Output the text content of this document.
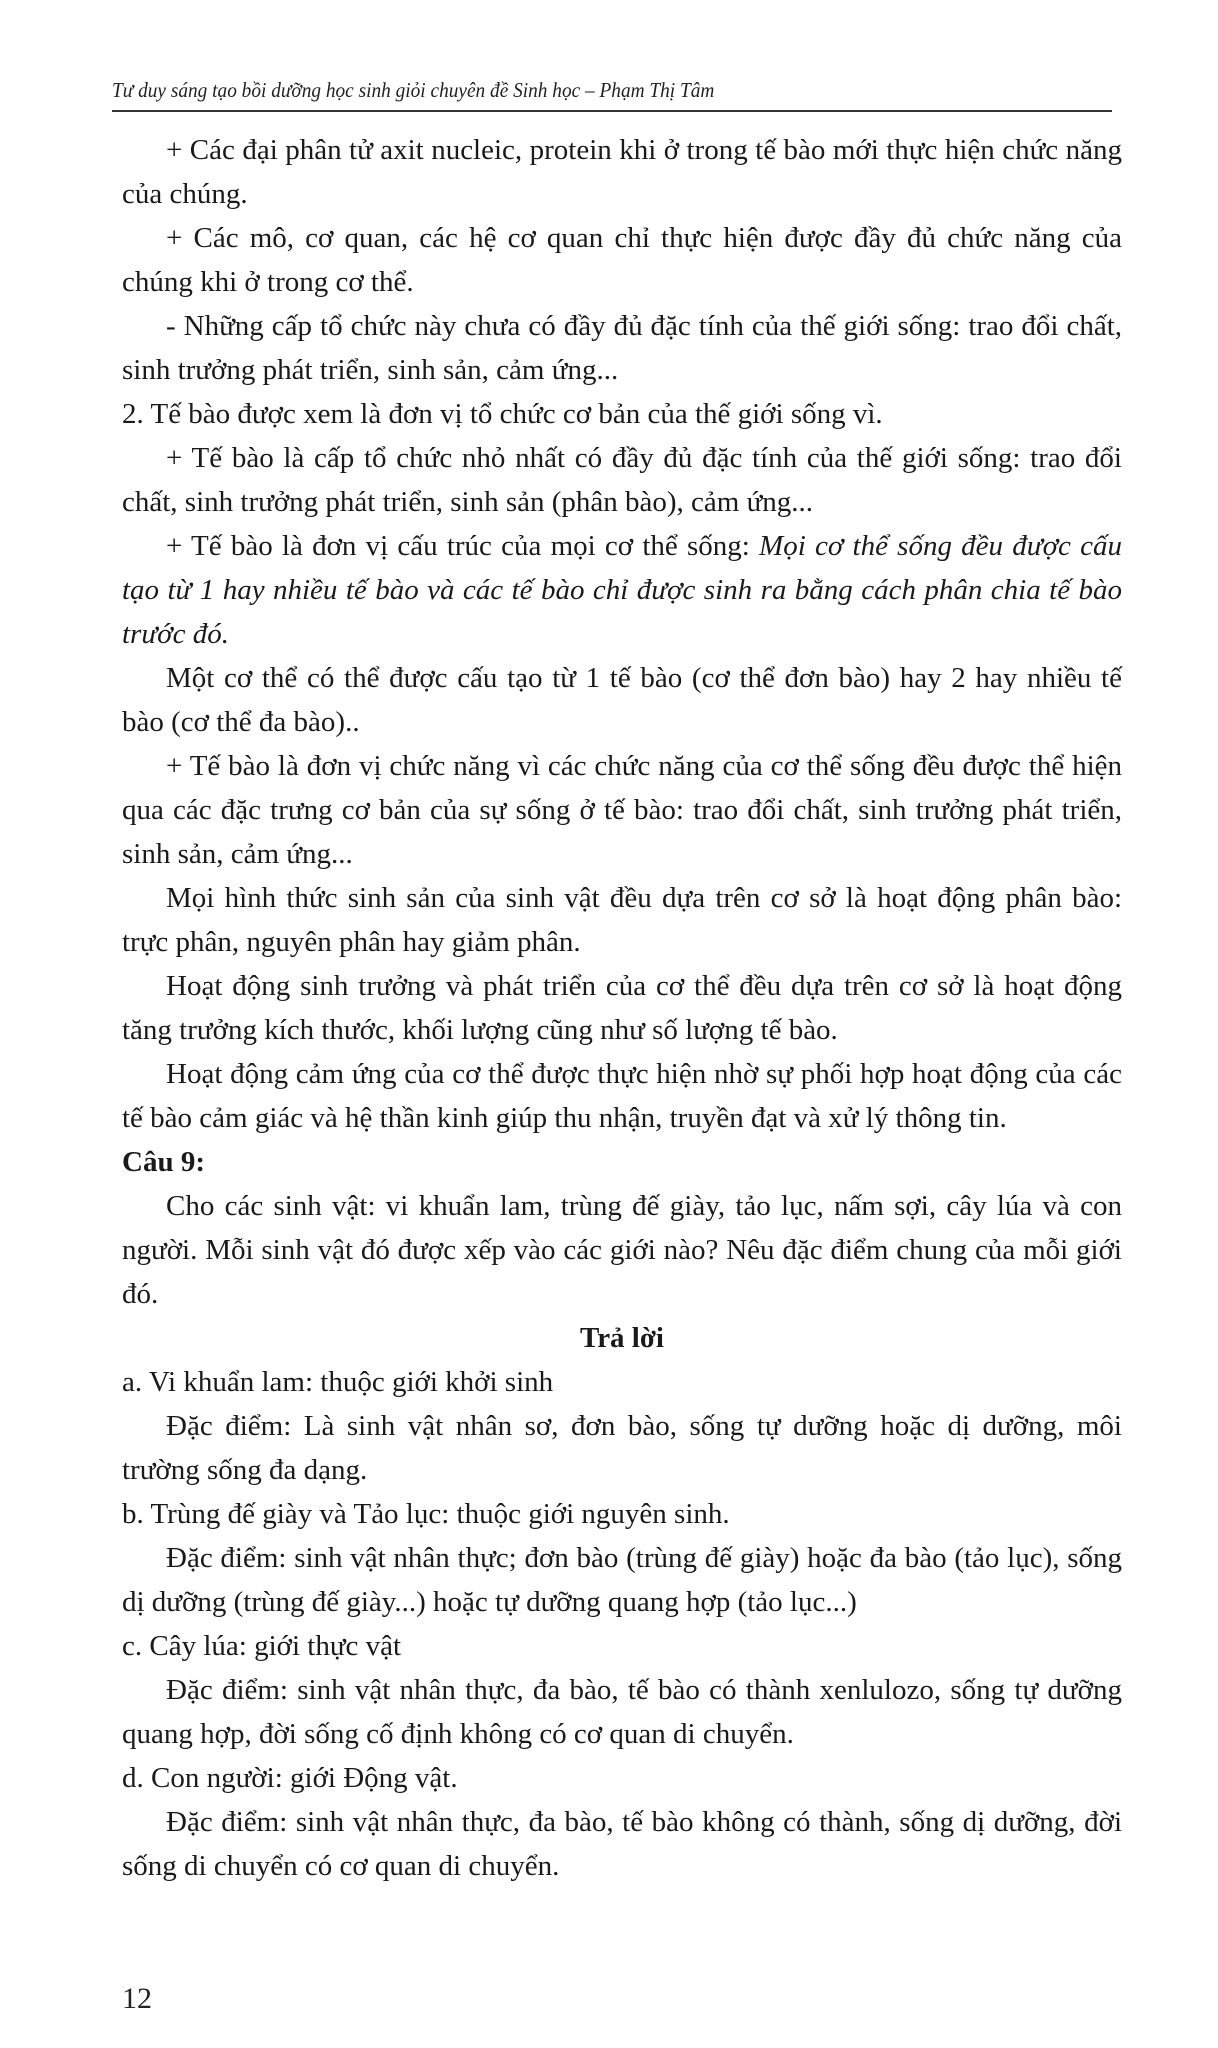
Tư duy sáng tạo bồi dưỡng học sinh giỏi chuyên đề Sinh học – Phạm Thị Tâm

+ Các đại phân tử axit nucleic, protein khi ở trong tế bào mới thực hiện chức năng của chúng.

+ Các mô, cơ quan, các hệ cơ quan chỉ thực hiện được đầy đủ chức năng của chúng khi ở trong cơ thể.

- Những cấp tổ chức này chưa có đầy đủ đặc tính của thế giới sống: trao đổi chất, sinh trưởng phát triển, sinh sản, cảm ứng...

2. Tế bào được xem là đơn vị tổ chức cơ bản của thế giới sống vì.

+ Tế bào là cấp tổ chức nhỏ nhất có đầy đủ đặc tính của thế giới sống: trao đổi chất, sinh trưởng phát triển, sinh sản (phân bào), cảm ứng...

+ Tế bào là đơn vị cấu trúc của mọi cơ thể sống: Mọi cơ thể sống đều được cấu tạo từ 1 hay nhiều tế bào và các tế bào chỉ được sinh ra bằng cách phân chia tế bào trước đó.

Một cơ thể có thể được cấu tạo từ 1 tế bào (cơ thể đơn bào) hay 2 hay nhiều tế bào (cơ thể đa bào)..

+ Tế bào là đơn vị chức năng vì các chức năng của cơ thể sống đều được thể hiện qua các đặc trưng cơ bản của sự sống ở tế bào: trao đổi chất, sinh trưởng phát triển, sinh sản, cảm ứng...

Mọi hình thức sinh sản của sinh vật đều dựa trên cơ sở là hoạt động phân bào: trực phân, nguyên phân hay giảm phân.

Hoạt động sinh trưởng và phát triển của cơ thể đều dựa trên cơ sở là hoạt động tăng trưởng kích thước, khối lượng cũng như số lượng tế bào.

Hoạt động cảm ứng của cơ thể được thực hiện nhờ sự phối hợp hoạt động của các tế bào cảm giác và hệ thần kinh giúp thu nhận, truyền đạt và xử lý thông tin.

Câu 9:

Cho các sinh vật: vi khuẩn lam, trùng đế giày, tảo lục, nấm sợi, cây lúa và con người. Mỗi sinh vật đó được xếp vào các giới nào? Nêu đặc điểm chung của mỗi giới đó.

Trả lời

a. Vi khuẩn lam: thuộc giới khởi sinh

Đặc điểm: Là sinh vật nhân sơ, đơn bào, sống tự dưỡng hoặc dị dưỡng, môi trường sống đa dạng.

b. Trùng đế giày và Tảo lục: thuộc giới nguyên sinh.

Đặc điểm: sinh vật nhân thực; đơn bào (trùng đế giày) hoặc đa bào (tảo lục), sống dị dưỡng (trùng đế giày...) hoặc tự dưỡng quang hợp (tảo lục...)

c. Cây lúa: giới thực vật

Đặc điểm: sinh vật nhân thực, đa bào, tế bào có thành xenlulozo, sống tự dưỡng quang hợp, đời sống cố định không có cơ quan di chuyển.

d. Con người: giới Động vật.

Đặc điểm: sinh vật nhân thực, đa bào, tế bào không có thành, sống dị dưỡng, đời sống di chuyển có cơ quan di chuyển.

12
